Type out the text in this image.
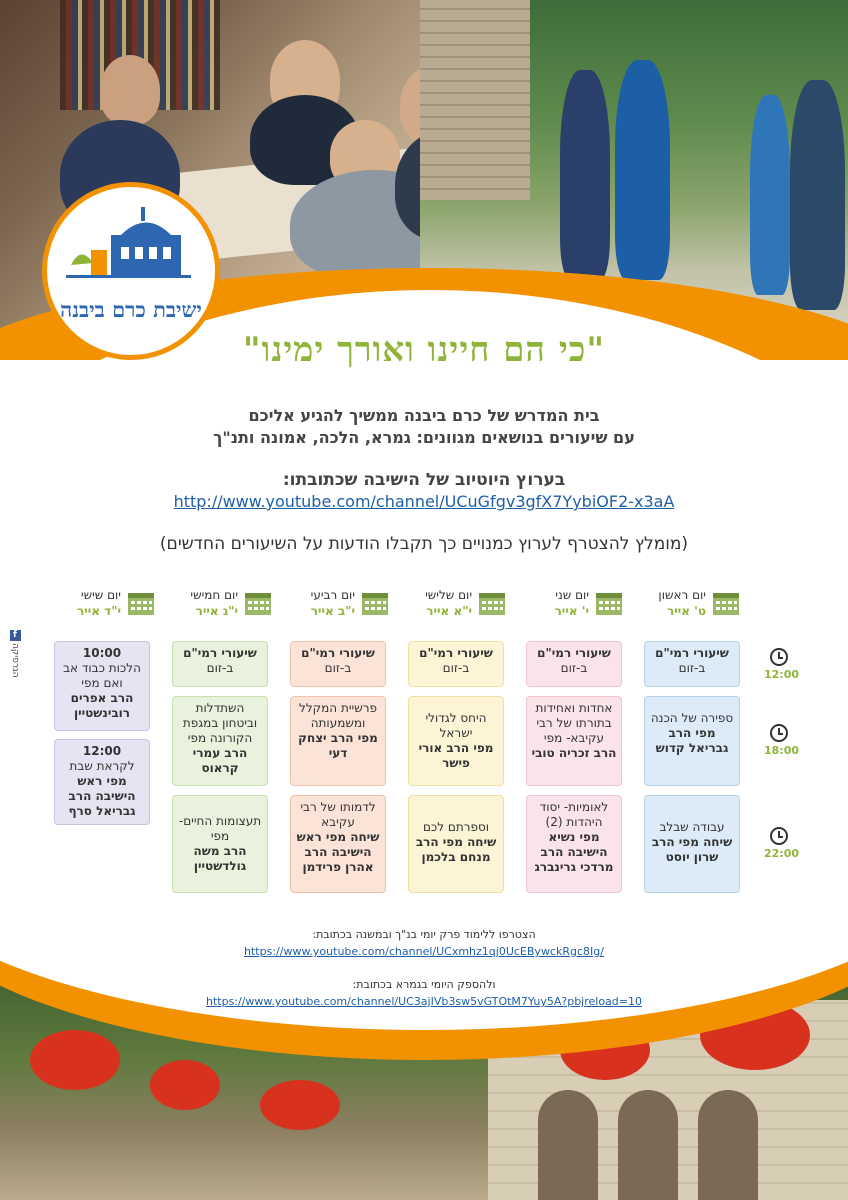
ישיבת כרם ביבנה
"כי הם חיינו ואורך ימינו"
בית המדרש של כרם ביבנה ממשיך להגיע אליכם
עם שיעורים בנושאים מגוונים: גמרא, הלכה, אמונה ותנ"ך
בערוץ היוטיוב של הישיבה שכתובתו:
http://www.youtube.com/channel/UCuGfgv3gfX7YybiOF2-x3aA
(מומלץ להצטרף לערוץ כמנויים כך תקבלו הודעות על השיעורים החדשים)
יום ראשון
ט' אייר
יום שני
י' אייר
יום שלישי
י"א אייר
יום רביעי
י"ב אייר
יום חמישי
י"ג אייר
יום שישי
י"ד אייר
12:00
18:00
22:00
שיעורי רמי"ם
ב-זום
שיעורי רמי"ם
ב-זום
שיעורי רמי"ם
ב-זום
שיעורי רמי"ם
ב-זום
שיעורי רמי"ם
ב-זום
10:00
הלכות כבוד אב ואם מפי
הרב אפרים רובינשטיין	ספירה של הכנה
מפי הרב גבריאל קדוש
אחדות ואחידות בתורתו של רבי עקיבא- מפי
הרב זכריה טובי
היחס לגדולי ישראל
מפי הרב אורי פישר
פרשיית המקלל ומשמעותה
מפי הרב יצחק דעי
השתדלות וביטחון במגפת הקורונה מפי
הרב עמרי קראוס
12:00
לקראת שבת
מפי ראש הישיבה הרב גבריאל סרף
עבודה שבלב
שיחה מפי הרב שרון יוסט
לאומיות- יסוד היהדות (2)
מפי נשיא הישיבה הרב מרדכי גרינברג
וספרתם לכם
שיחה מפי הרב מנחם בלכמן
לדמותו של רבי עקיבא
שיחה מפי ראש הישיבה הרב אהרן פרידמן
תעצומות החיים- מפי
הרב משה גולדשטיין
f
הגרפיקה
הצטרפו ללימוד פרק יומי בנ"ך ובמשנה בכתובת:
https://www.youtube.com/channel/UCxmhz1qj0UcEBywckRgc8Ig/
ולהספק היומי בגמרא בכתובת:
https://www.youtube.com/channel/UC3ajIVb3sw5vGTOtM7Yuy5A?pbjreload=10
